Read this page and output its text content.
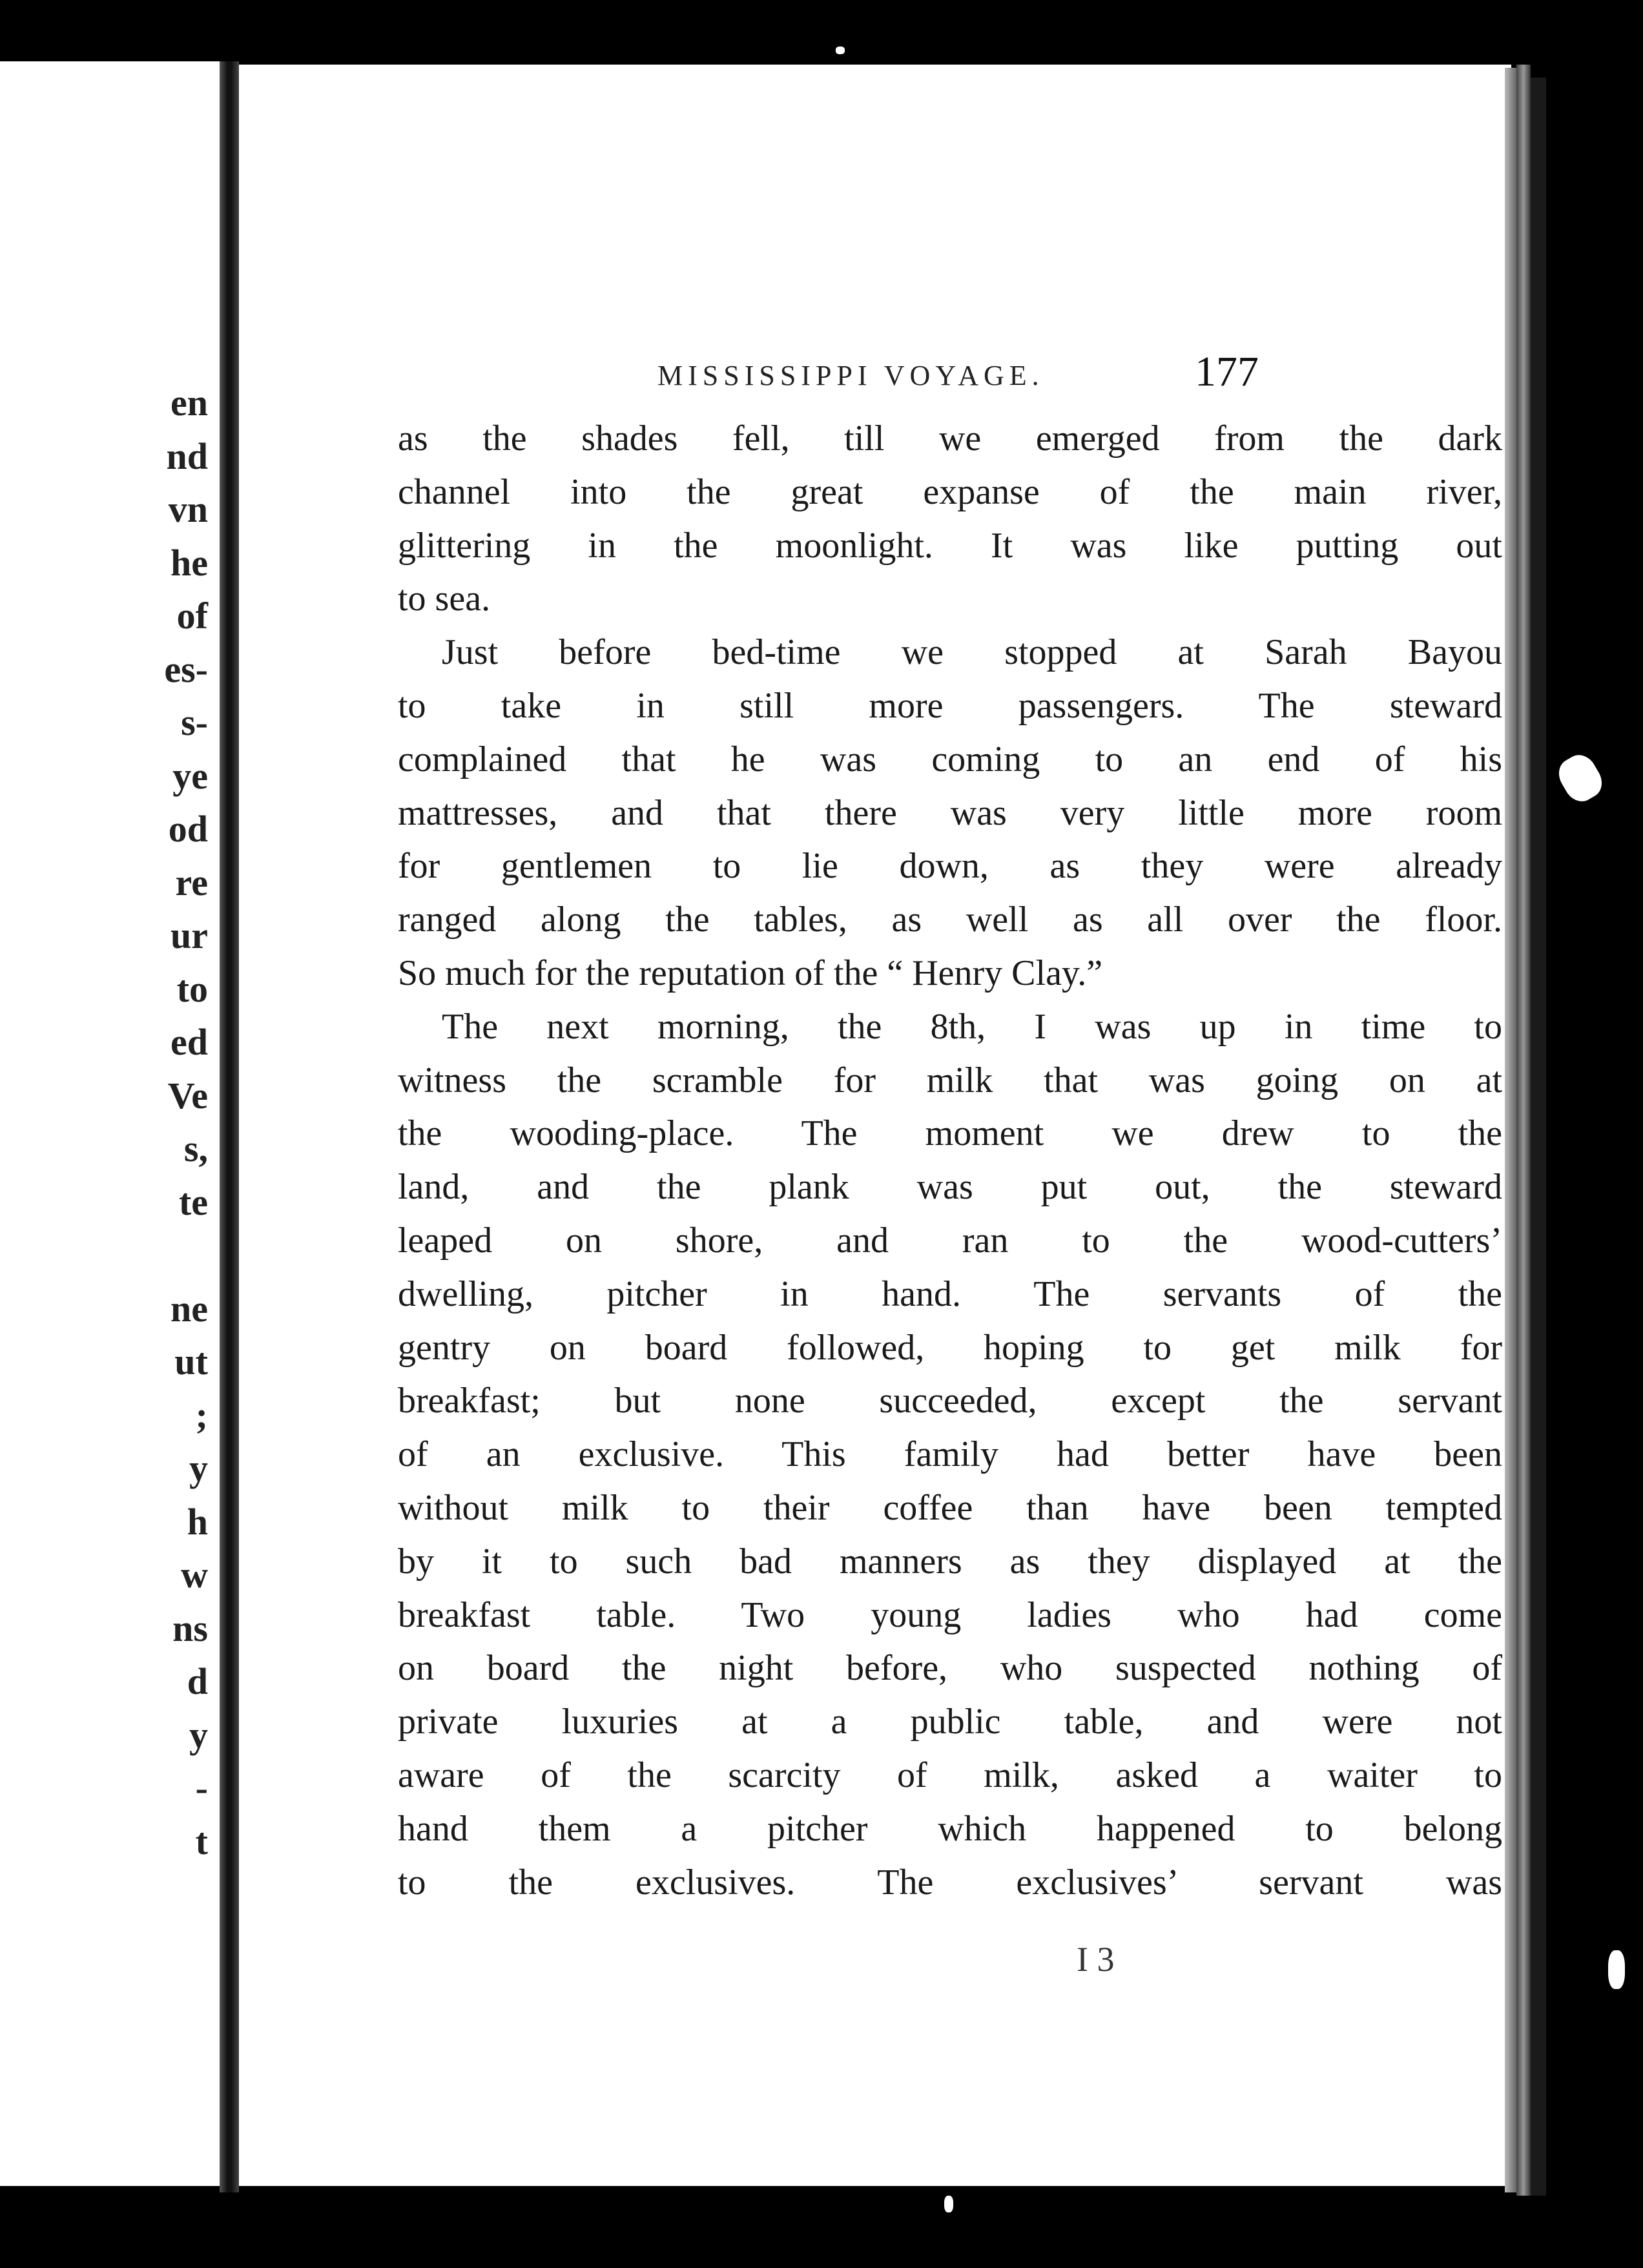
en

nd

vn

he

of

es-

s-

ye

od

re

ur

to

ed

Ve

s,

te

ne

ut

;

y

h

w

ns

d

y

-

t

MISSISSIPPI VOYAGE.	177

as the shades fell, till we emerged from the dark

channel into the great expanse of the main river,

glittering in the moonlight. It was like putting out

to sea.

Just before bed-time we stopped at Sarah Bayou

to take in still more passengers. The steward

complained that he was coming to an end of his

mattresses, and that there was very little more room

for gentlemen to lie down, as they were already

ranged along the tables, as well as all over the floor.

So much for the reputation of the “ Henry Clay.”

The next morning, the 8th, I was up in time to

witness the scramble for milk that was going on at

the wooding-place. The moment we drew to the

land, and the plank was put out, the steward

leaped on shore, and ran to the wood-cutters’

dwelling, pitcher in hand. The servants of the

gentry on board followed, hoping to get milk for

breakfast; but none succeeded, except the servant

of an exclusive. This family had better have been

without milk to their coffee than have been tempted

by it to such bad manners as they displayed at the

breakfast table. Two young ladies who had come

on board the night before, who suspected nothing of

private luxuries at a public table, and were not

aware of the scarcity of milk, asked a waiter to

hand them a pitcher which happened to belong

to the exclusives. The exclusives’ servant was

I 3
